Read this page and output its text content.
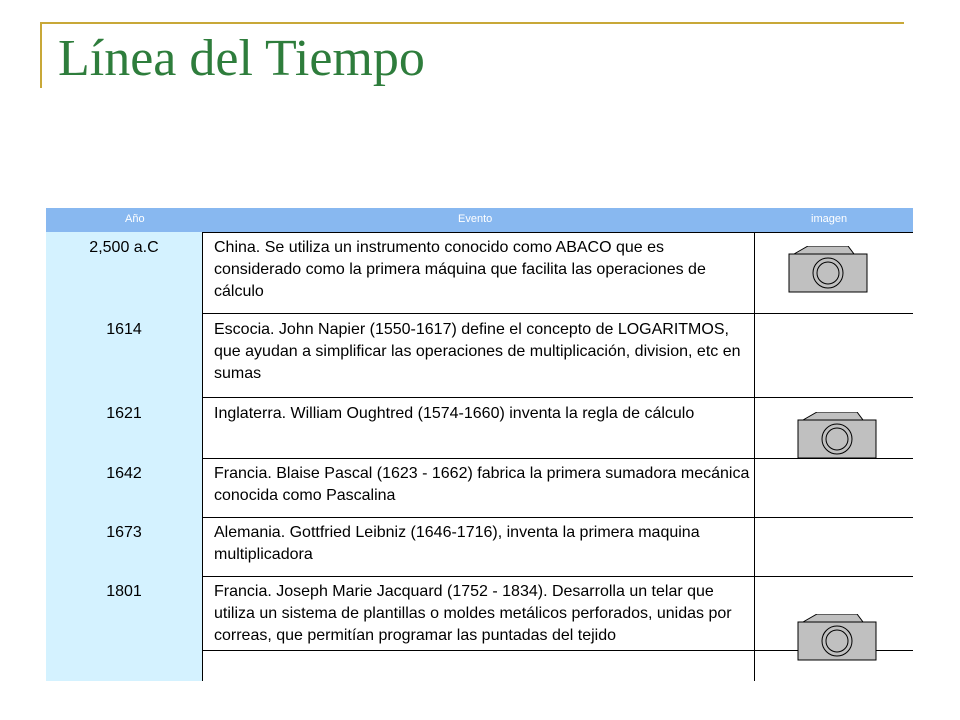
Línea del Tiempo
Año	Evento	imagen
2,500 a.C	China. Se utiliza un instrumento conocido como ABACO que es considerado como la primera máquina que facilita las operaciones de cálculo
1614	Escocia. John Napier (1550-1617) define el concepto de LOGARITMOS, que ayudan a simplificar las operaciones de multiplicación, division, etc en sumas
1621	Inglaterra. William Oughtred (1574-1660) inventa la regla de cálculo
1642	Francia. Blaise Pascal (1623 - 1662) fabrica la primera sumadora mecánica conocida como Pascalina
1673	Alemania. Gottfried Leibniz (1646-1716), inventa la primera maquina multiplicadora
1801	Francia. Joseph Marie Jacquard (1752 - 1834). Desarrolla un telar que utiliza un sistema de plantillas o moldes metálicos perforados, unidas por correas, que permitían programar las puntadas del tejido
